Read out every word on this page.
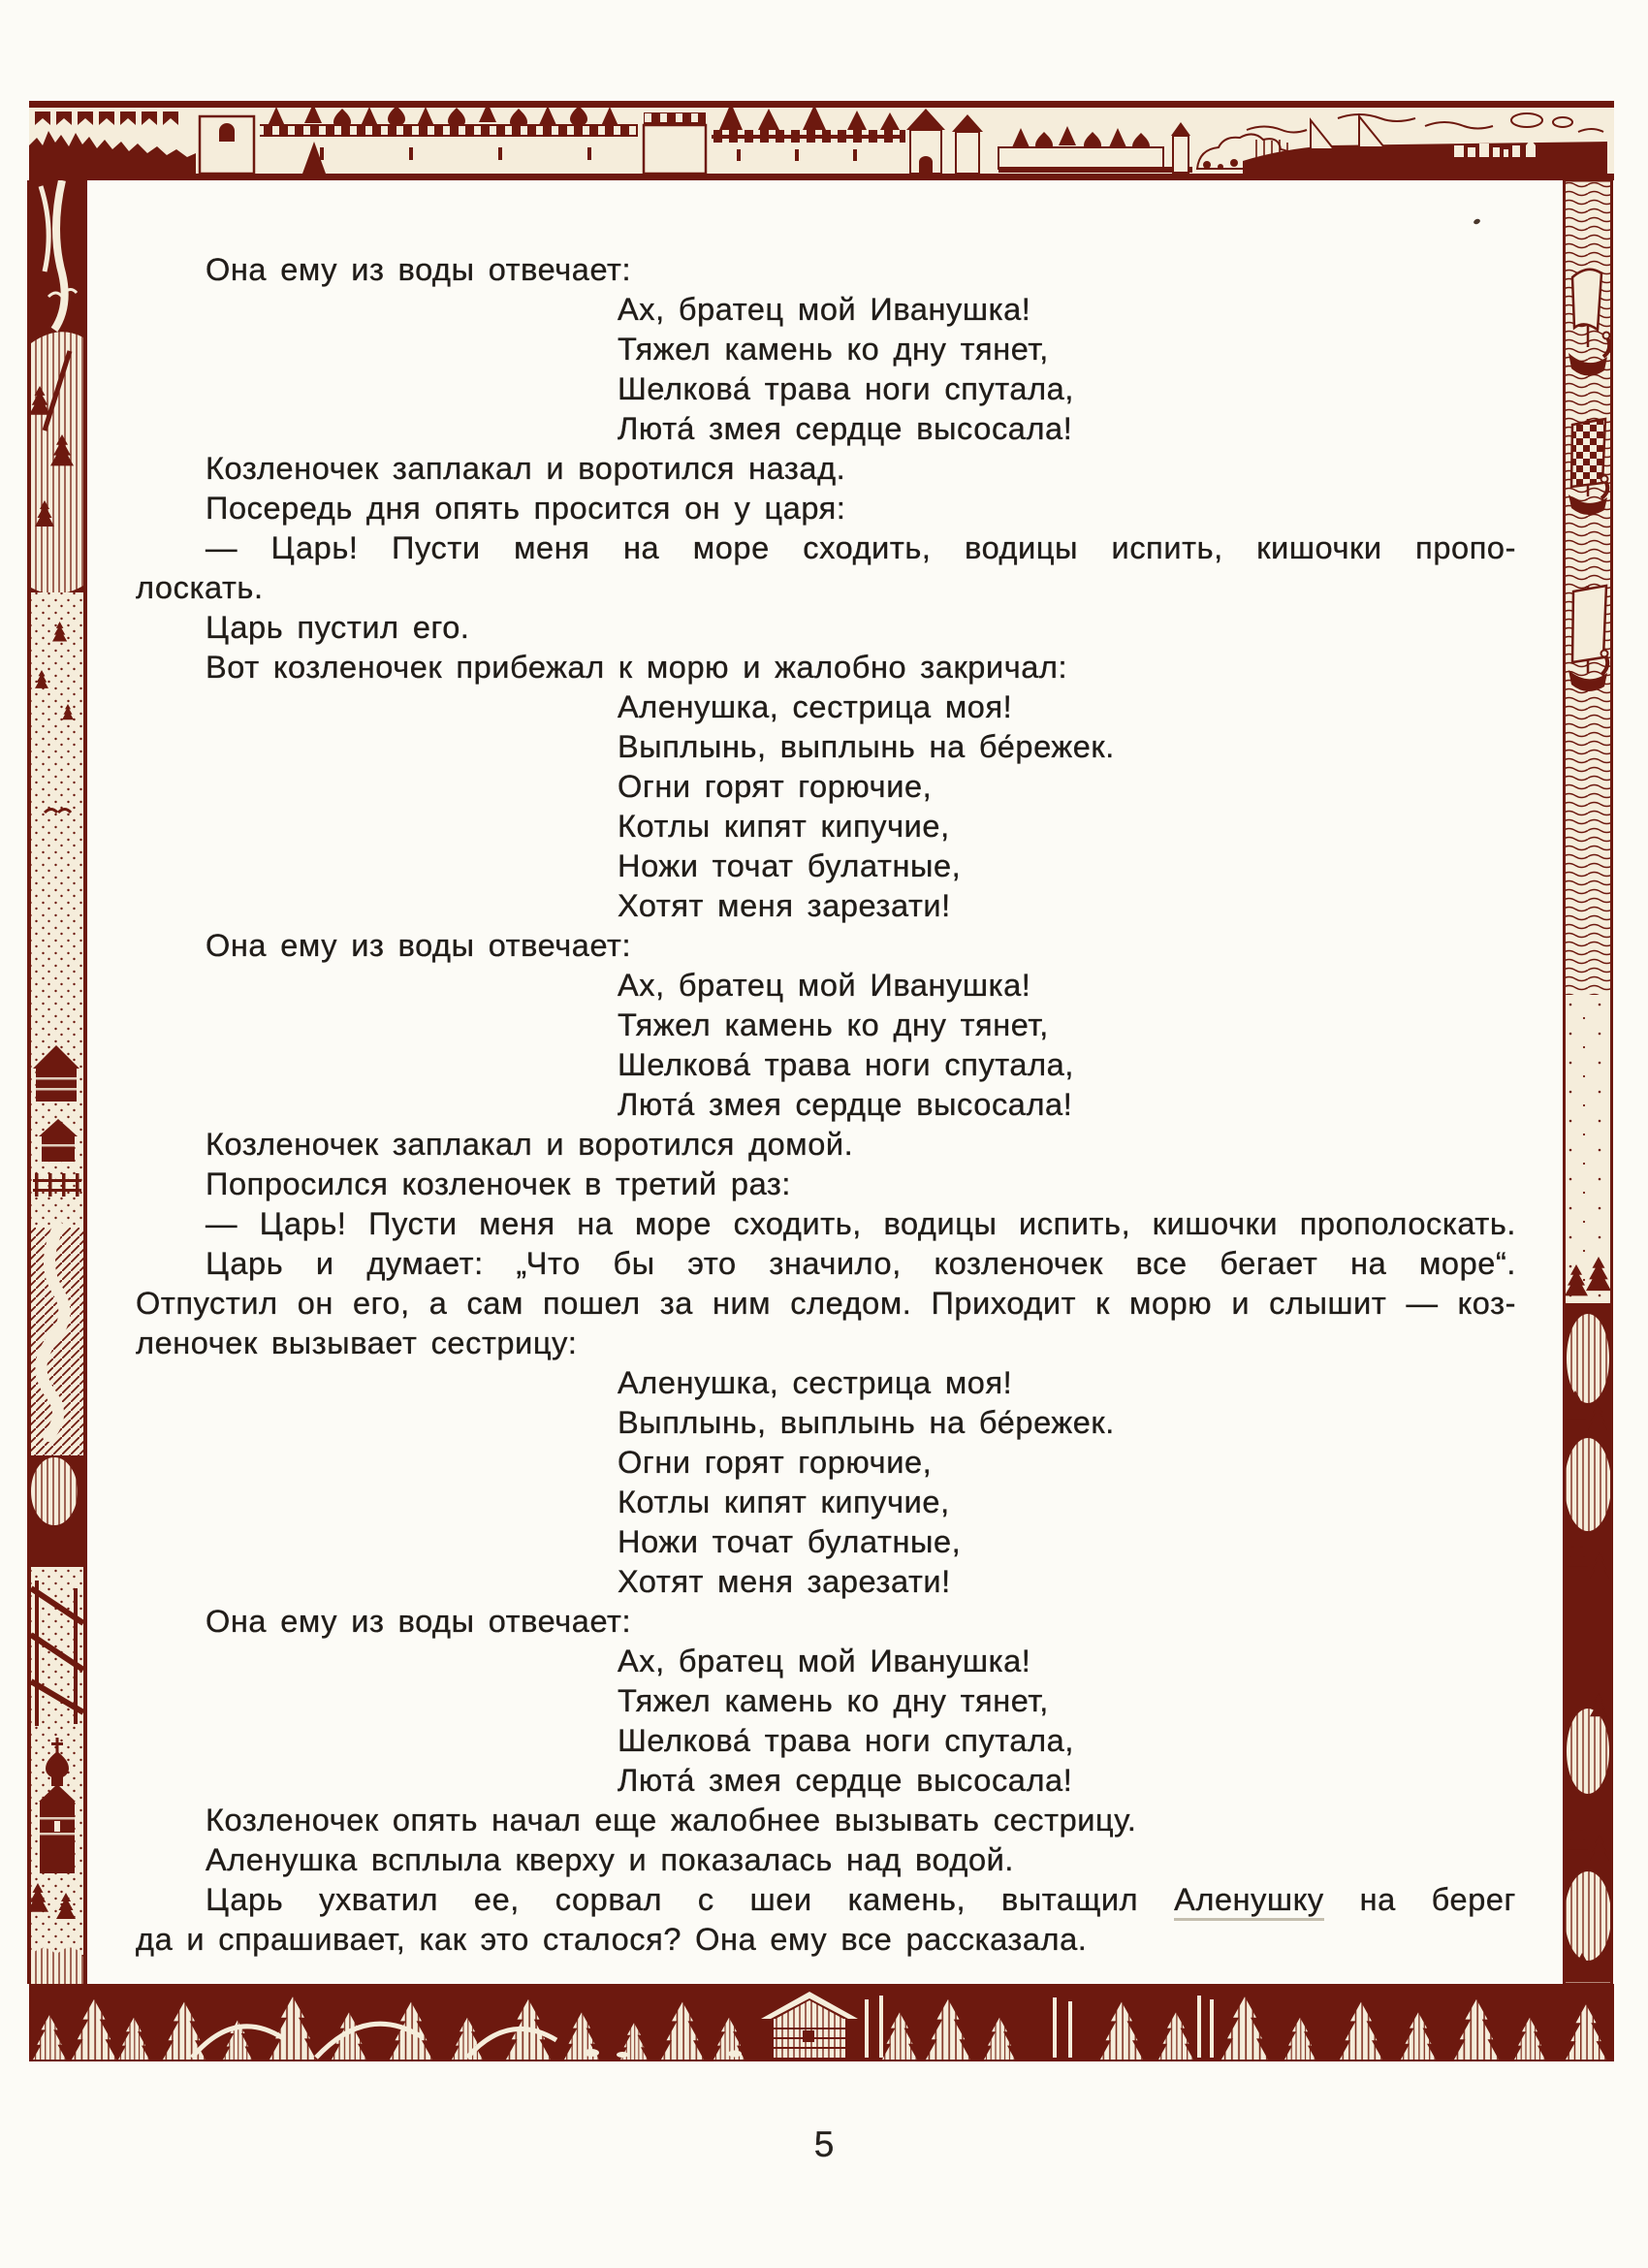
Она ему из воды отвечает:
Ах, братец мой Иванушка!
Тяжел камень ко дну тянет,
Шелкова́ трава ноги спутала,
Люта́ змея сердце высосала!
Козленочек заплакал и воротился назад.
Посередь дня опять просится он у царя:
— Царь! Пусти меня на море сходить, водицы испить, кишочки пропо-
лоскать.
Царь пустил его.
Вот козленочек прибежал к морю и жалобно закричал:
Аленушка, сестрица моя!
Выплынь, выплынь на бе́режек.
Огни горят горючие,
Котлы кипят кипучие,
Ножи точат булатные,
Хотят меня зарезати!
Она ему из воды отвечает:
Ах, братец мой Иванушка!
Тяжел камень ко дну тянет,
Шелкова́ трава ноги спутала,
Люта́ змея сердце высосала!
Козленочек заплакал и воротился домой.
Попросился козленочек в третий раз:
— Царь! Пусти меня на море сходить, водицы испить, кишочки прополоскать.
Царь и думает: „Что бы это значило, козленочек все бегает на море“.
Отпустил он его, а сам пошел за ним следом. Приходит к морю и слышит — коз-
леночек вызывает сестрицу:
Аленушка, сестрица моя!
Выплынь, выплынь на бе́режек.
Огни горят горючие,
Котлы кипят кипучие,
Ножи точат булатные,
Хотят меня зарезати!
Она ему из воды отвечает:
Ах, братец мой Иванушка!
Тяжел камень ко дну тянет,
Шелкова́ трава ноги спутала,
Люта́ змея сердце высосала!
Козленочек опять начал еще жалобнее вызывать сестрицу.
Аленушка всплыла кверху и показалась над водой.
Царь ухватил ее, сорвал с шеи камень, вытащил Аленушку на берег
да и спрашивает, как это сталося? Она ему все рассказала.
5
